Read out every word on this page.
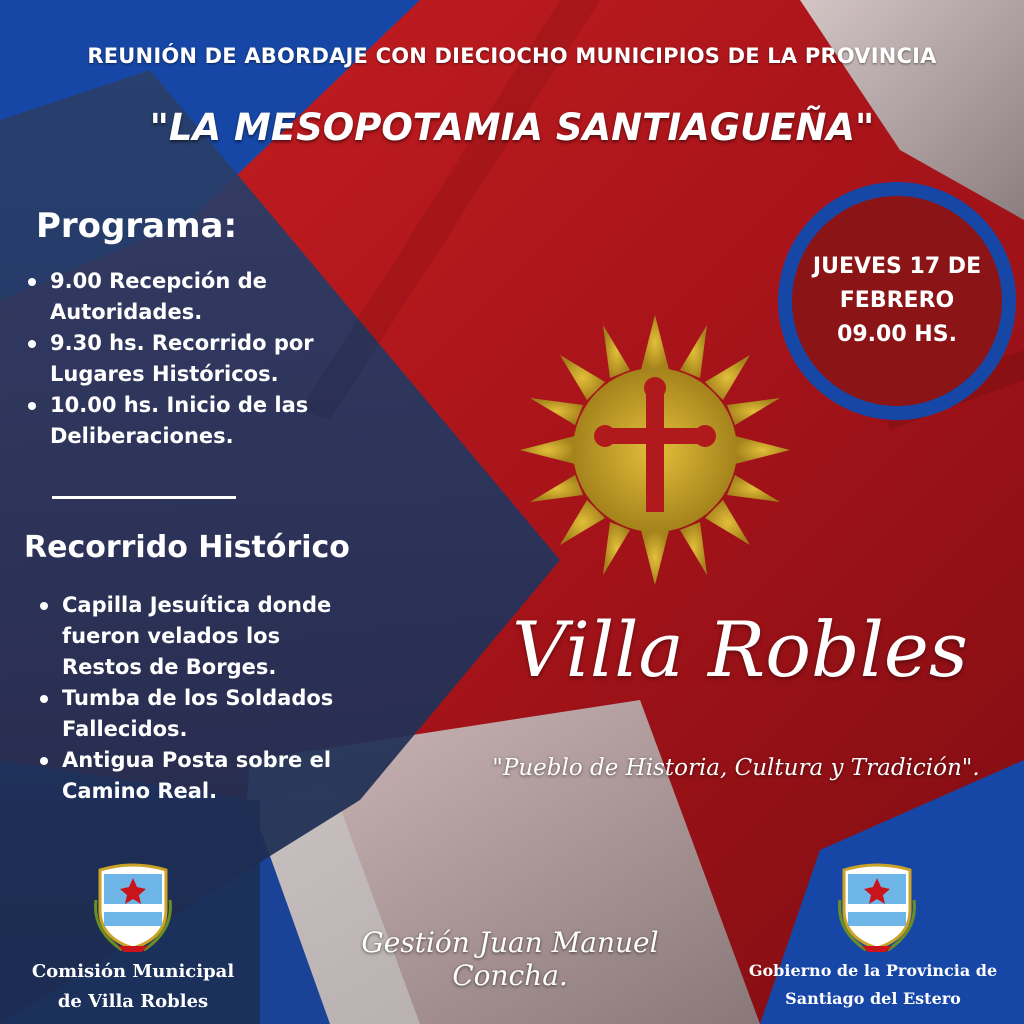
REUNIÓN DE ABORDAJE CON DIECIOCHO MUNICIPIOS DE LA PROVINCIA
"LA MESOPOTAMIA SANTIAGUEÑA"
Programa:
9.00 Recepción de Autoridades.
9.30 hs. Recorrido por Lugares Históricos.
10.00 hs. Inicio de las Deliberaciones.
Recorrido Histórico
Capilla Jesuítica donde fueron velados los Restos de Borges.
Tumba de los Soldados Fallecidos.
Antigua Posta sobre el Camino Real.
JUEVES 17 DE
FEBRERO
09.00 HS.
Villa Robles
"Pueblo de Historia, Cultura y Tradición".
Gestión Juan Manuel Concha.
Comisión Municipal
de Villa Robles
Gobierno de la Provincia de
Santiago del Estero
